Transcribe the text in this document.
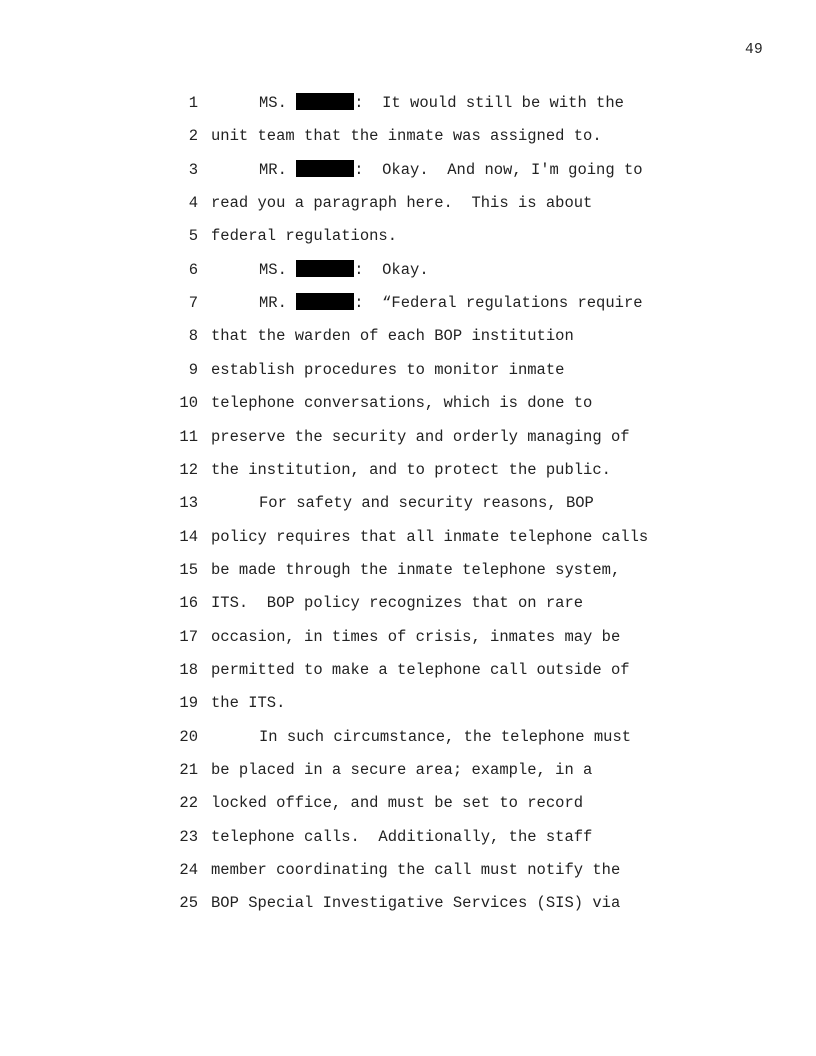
49
1	MS.	:  It would still be with the
2 unit team that the inmate was assigned to.
3	MR.	:  Okay.  And now, I'm going to
4 read you a paragraph here.  This is about
5 federal regulations.
6	MS.	:  Okay.
7	MR.	:  “Federal regulations require
8 that the warden of each BOP institution
9 establish procedures to monitor inmate
10 telephone conversations, which is done to
11 preserve the security and orderly managing of
12 the institution, and to protect the public.
13	For safety and security reasons, BOP
14 policy requires that all inmate telephone calls
15 be made through the inmate telephone system,
16 ITS.  BOP policy recognizes that on rare
17 occasion, in times of crisis, inmates may be
18 permitted to make a telephone call outside of
19 the ITS.
20	In such circumstance, the telephone must
21 be placed in a secure area; example, in a
22 locked office, and must be set to record
23 telephone calls.  Additionally, the staff
24 member coordinating the call must notify the
25 BOP Special Investigative Services (SIS) via
